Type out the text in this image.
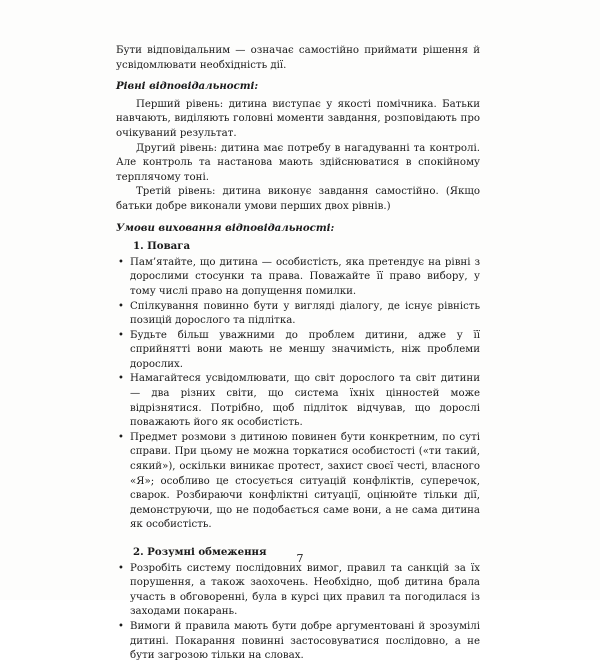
Бути відповідальним — означає самостійно приймати рішення й усвідомлювати необхідність дії.

Рівні відповідальності:

Перший рівень: дитина виступає у якості помічника. Батьки навчають, виділяють головні моменти завдання, розповідають про очікуваний результат.

Другий рівень: дитина має потребу в нагадуванні та контролі. Але контроль та настанова мають здійснюватися в спокійному терплячому тоні.

Третій рівень: дитина виконує завдання самостійно. (Якщо батьки добре виконали умови перших двох рівнів.)

Умови виховання відповідальності:

1. Повага

• Пам’ятайте, що дитина — особистість, яка претендує на рівні з дорослими стосунки та права. Поважайте її право вибору, у тому числі право на допущення помилки.
• Спілкування повинно бути у вигляді діалогу, де існує рівність позицій дорослого та підлітка.
• Будьте більш уважними до проблем дитини, адже у її сприйнятті вони мають не меншу значимість, ніж проблеми дорослих.
• Намагайтеся усвідомлювати, що світ дорослого та світ дитини — два різних світи, що система їхніх цінностей може відрізнятися. Потрібно, щоб підліток відчував, що дорослі поважають його як особистість.
• Предмет розмови з дитиною повинен бути конкретним, по суті справи. При цьому не можна торкатися особистості («ти такий, сякий»), оскільки виникає протест, захист своєї честі, власного «Я»; особливо це стосується ситуацій конфліктів, суперечок, сварок. Розбираючи конфліктні ситуації, оцінюйте тільки дії, демонструючи, що не подобається саме вони, а не сама дитина як особистість.

2. Розумні обмеження

• Розробіть систему послідовних вимог, правил та санкцій за їх порушення, а також заохочень. Необхідно, щоб дитина брала участь в обговоренні, була в курсі цих правил та погодилася із заходами покарань.
• Вимоги й правила мають бути добре аргументовані й зрозумілі дитині. Покарання повинні застосовуватися послідовно, а не бути загрозою тільки на словах.
7
